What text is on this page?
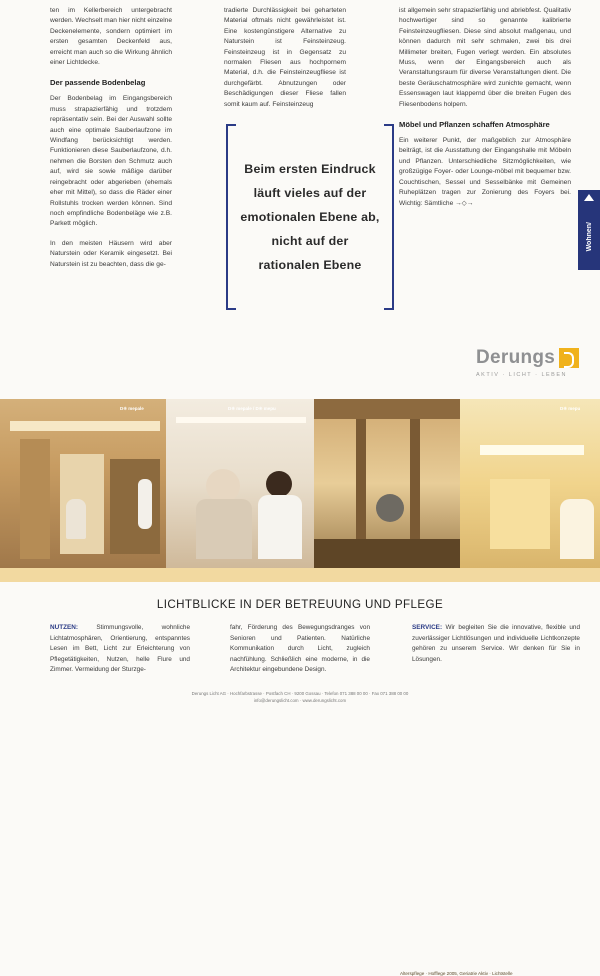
ten im Kellerbereich untergebracht werden. Wechselt man hier nicht einzelne Deckenelemente, sondern optimiert im ersten gesamten Deckenfeld aus, erreicht man auch so die Wirkung ähnlich einer Lichtdecke.

Der passende Bodenbelag

Der Bodenbelag im Eingangsbereich muss strapazierfähig und trotzdem repräsentativ sein. Bei der Auswahl sollte auch eine optimale Sauberlaufzone im Windfang berücksichtigt werden. Funktionieren diese Sauberlaufzone, d.h. nehmen die Borsten den Schmutz auch auf, wird sie sowie mäßige darüber reingebracht oder abgerieben (ehemals eher mit Mittel), so dass die Räder einer Rollstuhls trocken werden können. Sind noch empfindliche Bodenbeläge wie z.B. Parkett möglich.

In den meisten Häusern wird aber Naturstein oder Keramik eingesetzt. Bei Naturstein ist zu beachten, dass die ge-

tradierte Durchlässigkeit bei geharteten Material oftmals nicht gewährleistet ist. Eine kostengünstigere Alternative zu Naturstein ist Feinsteinzeug. Feinsteinzeug ist in Gegensatz zu normalen Fliesen aus hochpornem Material, d.h. die Feinsteinzeugfliese ist durchgefärbt. Abnutzungen oder Beschädigungen dieser Fliese fallen somit kaum auf. Feinsteinzeug

Beim ersten Eindruck läuft vieles auf der emotionalen Ebene ab, nicht auf der rationalen Ebene

ist allgemein sehr strapazierfähig und abriebfest. Qualitativ hochwertiger sind so genannte kalibrierte Feinsteinzeugfliesen. Diese sind absolut maßgenau, und können dadurch mit sehr schmalen, zwei bis drei Millimeter breiten, Fugen verlegt werden. Ein absolutes Muss, wenn der Eingangsbereich auch als Veranstaltungsraum für diverse Veranstaltungen dient. Die beste Geräuschatmosphäre wird zunichte gemacht, wenn Essenswagen laut klappernd über die breiten Fugen des Fliesenbodens holpern.

Möbel und Pflanzen schaffen Atmosphäre

Ein weiterer Punkt, der maßgeblich zur Atmosphäre beiträgt, ist die Ausstattung der Eingangshalle mit Möbeln und Pflanzen. Unterschiedliche Sitzmöglichkeiten, wie großzügige Foyer- oder Lounge-möbel mit bequemer bzw. Couchtischen, Sessel und Sesselbänke mit Gemeinen Ruheplätzen tragen zur Zonierung des Foyers bei. Wichtig: Sämtliche →◇→

Wohnen/
Derungs
AKTIV · LICHT · LEBEN
D❋ mepale	D❋ mepale / D❋ mepu	D❋ mepu
Alterspflege · Hofflege 2005, Geriatrie Aktiv · Lichtstelle
LICHTBLICKE IN DER BETREUUNG UND PFLEGE
NUTZEN:	Stimmungsvolle, wohnliche Lichtatmosphären, Orientierung, entspanntes Lesen im Bett, Licht zur Erleichterung von Pflegetätigkeiten, Nutzen, helle Flure und Zimmer. Vermeidung der Sturzge-
fahr, Förderung des Bewegungsdranges von Senioren und Patienten. Natürliche Kommunikation durch Licht, zugleich nachfühlung. Schließlich eine moderne, in die Architektur eingebundene Design.
SERVICE: Wir begleiten Sie die innovative, flexible und zuverlässiger Lichtlösungen und individuelle Lichtkonzepte gehören zu unserem Service. Wir denken für Sie in Lösungen.
Derungs Licht AG · Hochfarbstrasse · Postfach CH · 9200 Gossau · Telefon 071 388 00 00 · Fax 071 388 00 00
info@derungslicht.com · www.derungslicht.com
